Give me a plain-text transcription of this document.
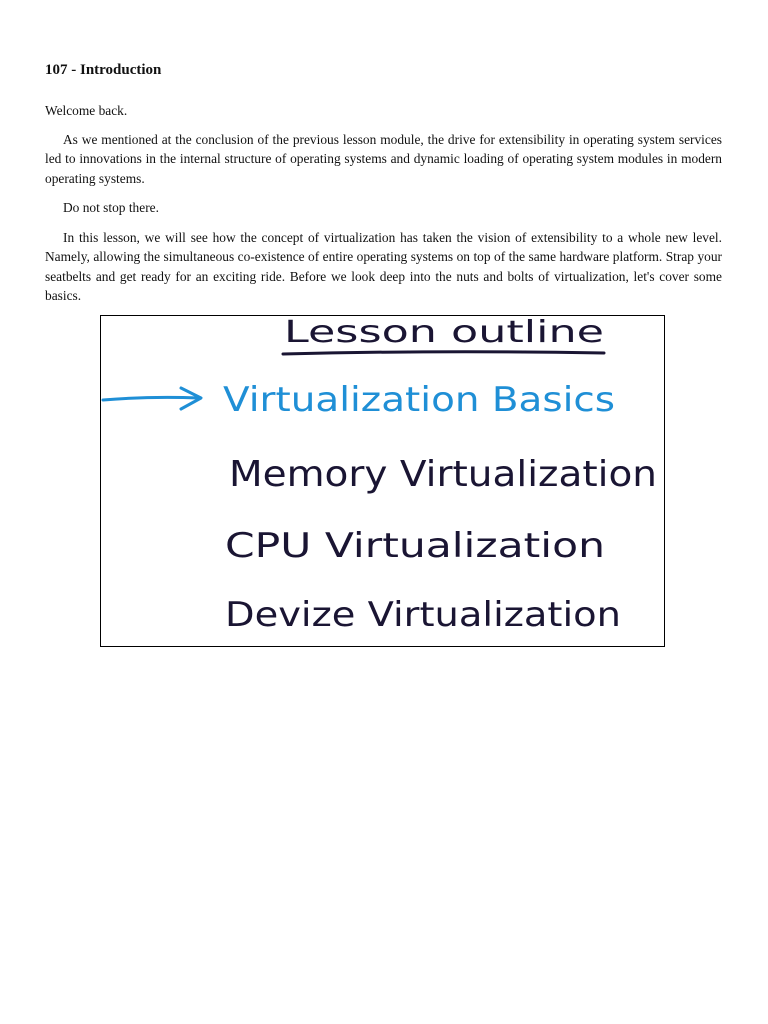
107 - Introduction

Welcome back.

As we mentioned at the conclusion of the previous lesson module, the drive for extensibility in operating system services led to innovations in the internal structure of operating systems and dynamic loading of operating system modules in modern operating systems.

Do not stop there.

In this lesson, we will see how the concept of virtualization has taken the vision of extensibility to a whole new level. Namely, allowing the simultaneous co-existence of entire operating systems on top of the same hardware platform. Strap your seatbelts and get ready for an exciting ride. Before we look deep into the nuts and bolts of virtualization, let's cover some basics.

Lesson outline
Virtualization Basics
Memory Virtualization
CPU Virtualization
Devize Virtualization
